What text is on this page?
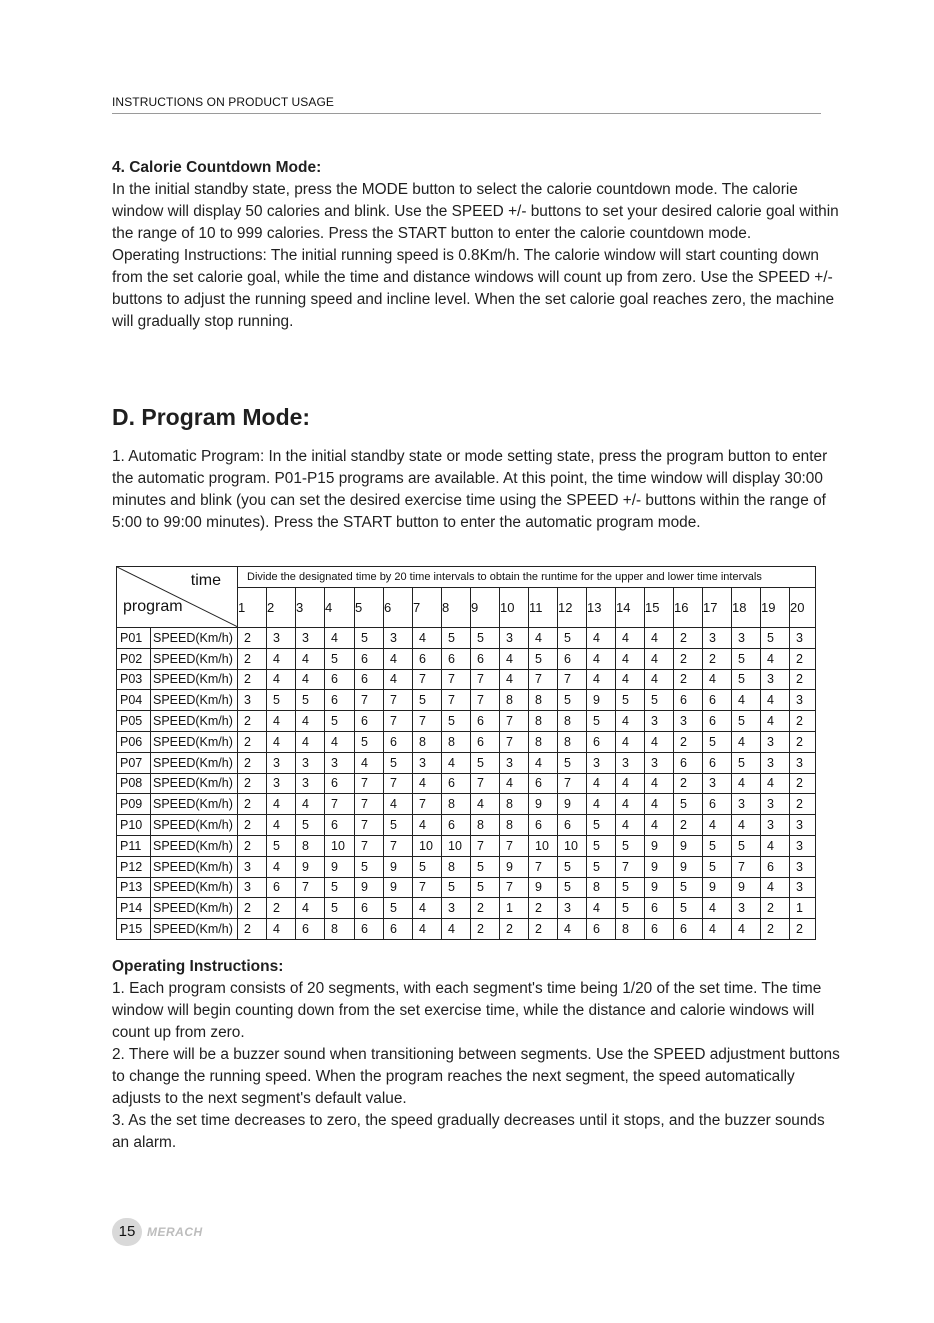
INSTRUCTIONS ON PRODUCT USAGE
4. Calorie Countdown Mode:

In the initial standby state, press the MODE button to select the calorie countdown mode. The calorie window will display 50 calories and blink. Use the SPEED +/- buttons to set your desired calorie goal within the range of 10 to 999 calories. Press the START button to enter the calorie countdown mode.

Operating Instructions: The initial running speed is 0.8Km/h. The calorie window will start counting down from the set calorie goal, while the time and distance windows will count up from zero. Use the SPEED +/- buttons to adjust the running speed and incline level. When the set calorie goal reaches zero, the machine will gradually stop running.

D. Program Mode:

1. Automatic Program: In the initial standby state or mode setting state, press the program button to enter the automatic program. P01-P15 programs are available. At this point, the time window will display 30:00 minutes and blink (you can set the desired exercise time using the SPEED +/- buttons within the range of 5:00 to 99:00 minutes). Press the START button to enter the automatic program mode.

time
program		Divide the designated time by 20 time intervals to obtain the runtime for the upper and lower time intervals																			
		1	2	3	4	5	6	7	8	9	10	11	12	13	14	15	16	17	18	19	20
P01	SPEED(Km/h)	2	3	3	4	5	3	4	5	5	3	4	5	4	4	4	2	3	3	5	3
P02	SPEED(Km/h)	2	4	4	5	6	4	6	6	6	4	5	6	4	4	4	2	2	5	4	2
P03	SPEED(Km/h)	2	4	4	6	6	4	7	7	7	4	7	7	4	4	4	2	4	5	3	2
P04	SPEED(Km/h)	3	5	5	6	7	7	5	7	7	8	8	5	9	5	5	6	6	4	4	3
P05	SPEED(Km/h)	2	4	4	5	6	7	7	5	6	7	8	8	5	4	3	3	6	5	4	2
P06	SPEED(Km/h)	2	4	4	4	5	6	8	8	6	7	8	8	6	4	4	2	5	4	3	2
P07	SPEED(Km/h)	2	3	3	3	4	5	3	4	5	3	4	5	3	3	3	6	6	5	3	3
P08	SPEED(Km/h)	2	3	3	6	7	7	4	6	7	4	6	7	4	4	4	2	3	4	4	2
P09	SPEED(Km/h)	2	4	4	7	7	4	7	8	4	8	9	9	4	4	4	5	6	3	3	2
P10	SPEED(Km/h)	2	4	5	6	7	5	4	6	8	8	6	6	5	4	4	2	4	4	3	3
P11	SPEED(Km/h)	2	5	8	10	7	7	10	10	7	7	10	10	5	5	9	9	5	5	4	3
P12	SPEED(Km/h)	3	4	9	9	5	9	5	8	5	9	7	5	5	7	9	9	5	7	6	3
P13	SPEED(Km/h)	3	6	7	5	9	9	7	5	5	7	9	5	8	5	9	5	9	9	4	3
P14	SPEED(Km/h)	2	2	4	5	6	5	4	3	2	1	2	3	4	5	6	5	4	3	2	1
P15	SPEED(Km/h)	2	4	6	8	6	6	4	4	2	2	2	4	6	8	6	6	4	4	2	2
Operating Instructions:

1. Each program consists of 20 segments, with each segment's time being 1/20 of the set time. The time window will begin counting down from the set exercise time, while the distance and calorie windows will count up from zero.

2. There will be a buzzer sound when transitioning between segments. Use the SPEED adjustment buttons to change the running speed. When the program reaches the next segment, the speed automatically adjusts to the next segment's default value.

3. As the set time decreases to zero, the speed gradually decreases until it stops, and the buzzer sounds an alarm.

15 MERACH
